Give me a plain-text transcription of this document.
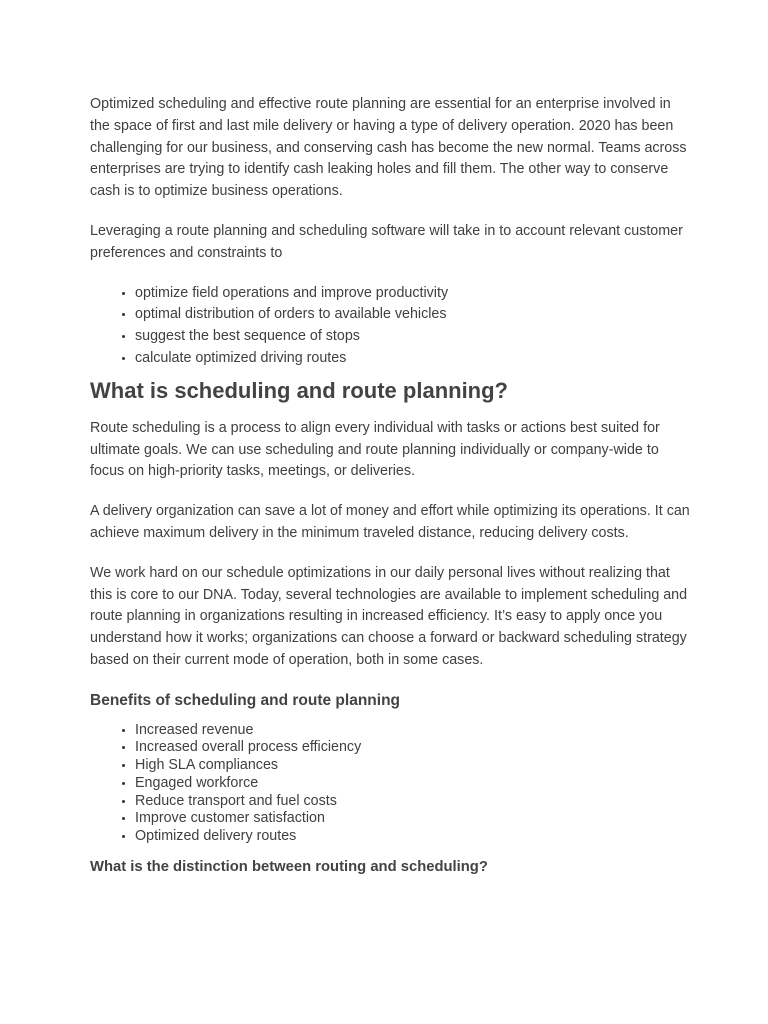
Optimized scheduling and effective route planning are essential for an enterprise involved in the space of first and last mile delivery or having a type of delivery operation. 2020 has been challenging for our business, and conserving cash has become the new normal. Teams across enterprises are trying to identify cash leaking holes and fill them. The other way to conserve cash is to optimize business operations.

Leveraging a route planning and scheduling software will take in to account relevant customer preferences and constraints to

• optimize field operations and improve productivity
• optimal distribution of orders to available vehicles
• suggest the best sequence of stops
• calculate optimized driving routes
What is scheduling and route planning?

Route scheduling is a process to align every individual with tasks or actions best suited for ultimate goals. We can use scheduling and route planning individually or company-wide to focus on high-priority tasks, meetings, or deliveries.

A delivery organization can save a lot of money and effort while optimizing its operations. It can achieve maximum delivery in the minimum traveled distance, reducing delivery costs.

We work hard on our schedule optimizations in our daily personal lives without realizing that this is core to our DNA. Today, several technologies are available to implement scheduling and route planning in organizations resulting in increased efficiency. It’s easy to apply once you understand how it works; organizations can choose a forward or backward scheduling strategy based on their current mode of operation, both in some cases.

Benefits of scheduling and route planning
• Increased revenue
• Increased overall process efficiency
• High SLA compliances
• Engaged workforce
• Reduce transport and fuel costs
• Improve customer satisfaction
• Optimized delivery routes
What is the distinction between routing and scheduling?
